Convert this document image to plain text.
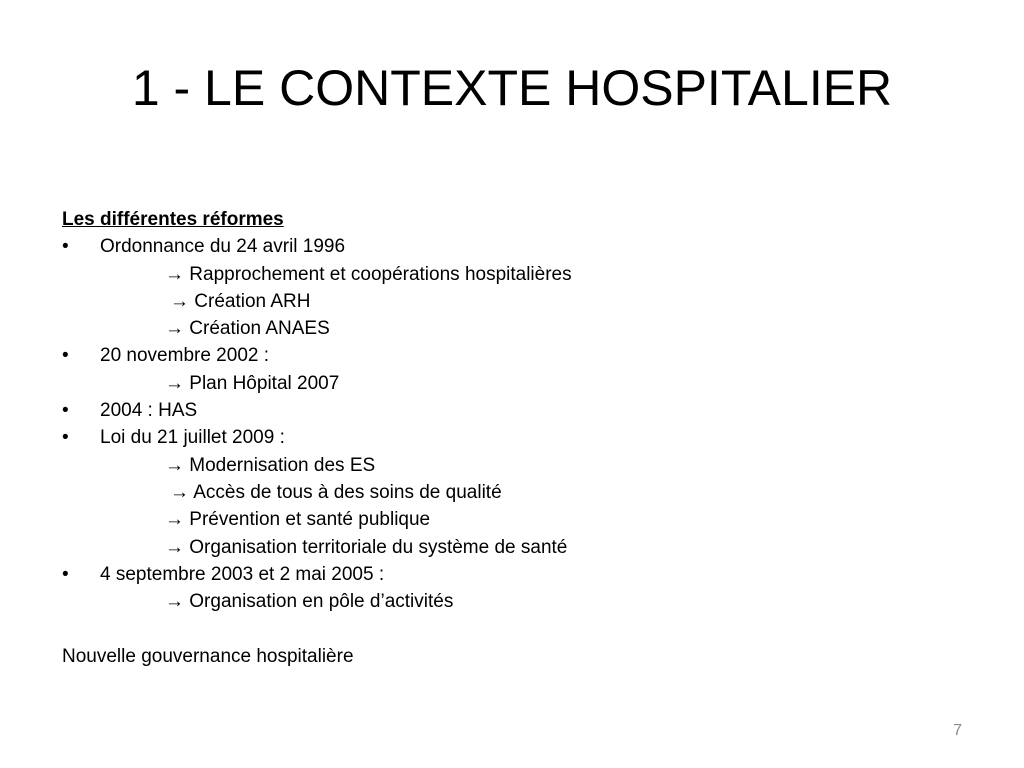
1 - LE CONTEXTE HOSPITALIER
Les différentes réformes
• Ordonnance du 24 avril 1996
→ Rapprochement et coopérations hospitalières
→ Création ARH
→ Création ANAES
• 20 novembre 2002 :
→ Plan Hôpital 2007
• 2004 : HAS
• Loi du 21 juillet 2009 :
→ Modernisation des ES
→ Accès de tous à des soins de qualité
→ Prévention et santé publique
→ Organisation territoriale du système de santé
• 4 septembre 2003 et 2 mai 2005 :
→ Organisation en pôle d’activités
Nouvelle gouvernance hospitalière
7
